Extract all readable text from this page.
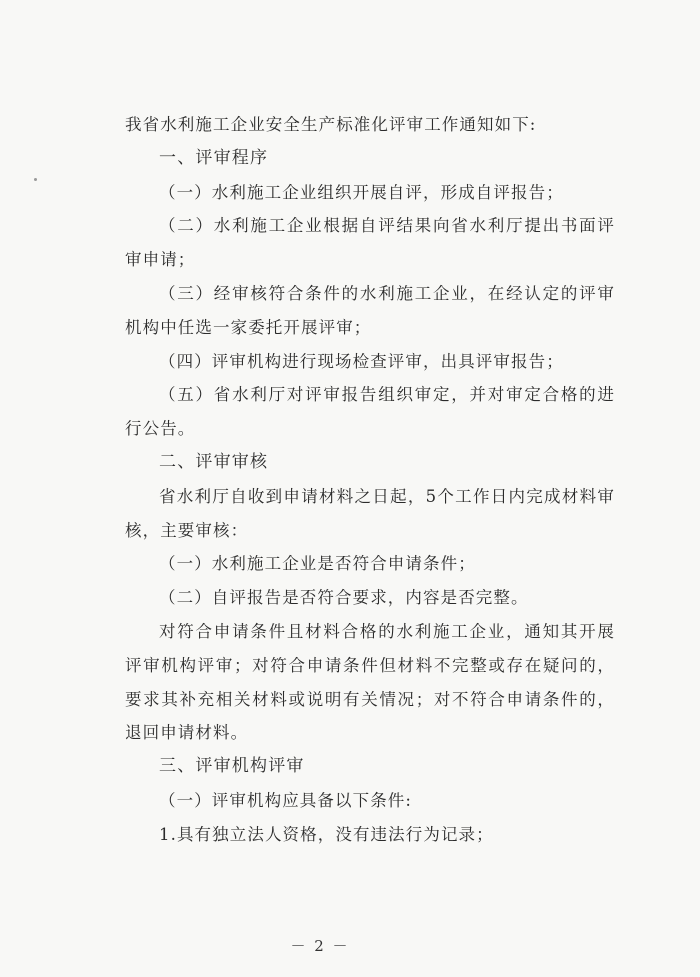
我省水利施工企业安全生产标准化评审工作通知如下:

一、评审程序

（一）水利施工企业组织开展自评，形成自评报告；

（二）水利施工企业根据自评结果向省水利厅提出书面评审申请；

（三）经审核符合条件的水利施工企业，在经认定的评审机构中任选一家委托开展评审；

（四）评审机构进行现场检查评审，出具评审报告；

（五）省水利厅对评审报告组织审定，并对审定合格的进行公告。

二、评审审核

省水利厅自收到申请材料之日起，5个工作日内完成材料审核，主要审核：

（一）水利施工企业是否符合申请条件；

（二）自评报告是否符合要求，内容是否完整。

对符合申请条件且材料合格的水利施工企业，通知其开展评审机构评审；对符合申请条件但材料不完整或存在疑问的，要求其补充相关材料或说明有关情况；对不符合申请条件的，退回申请材料。

三、评审机构评审

（一）评审机构应具备以下条件:

1.具有独立法人资格，没有违法行为记录；

－ 2 －
